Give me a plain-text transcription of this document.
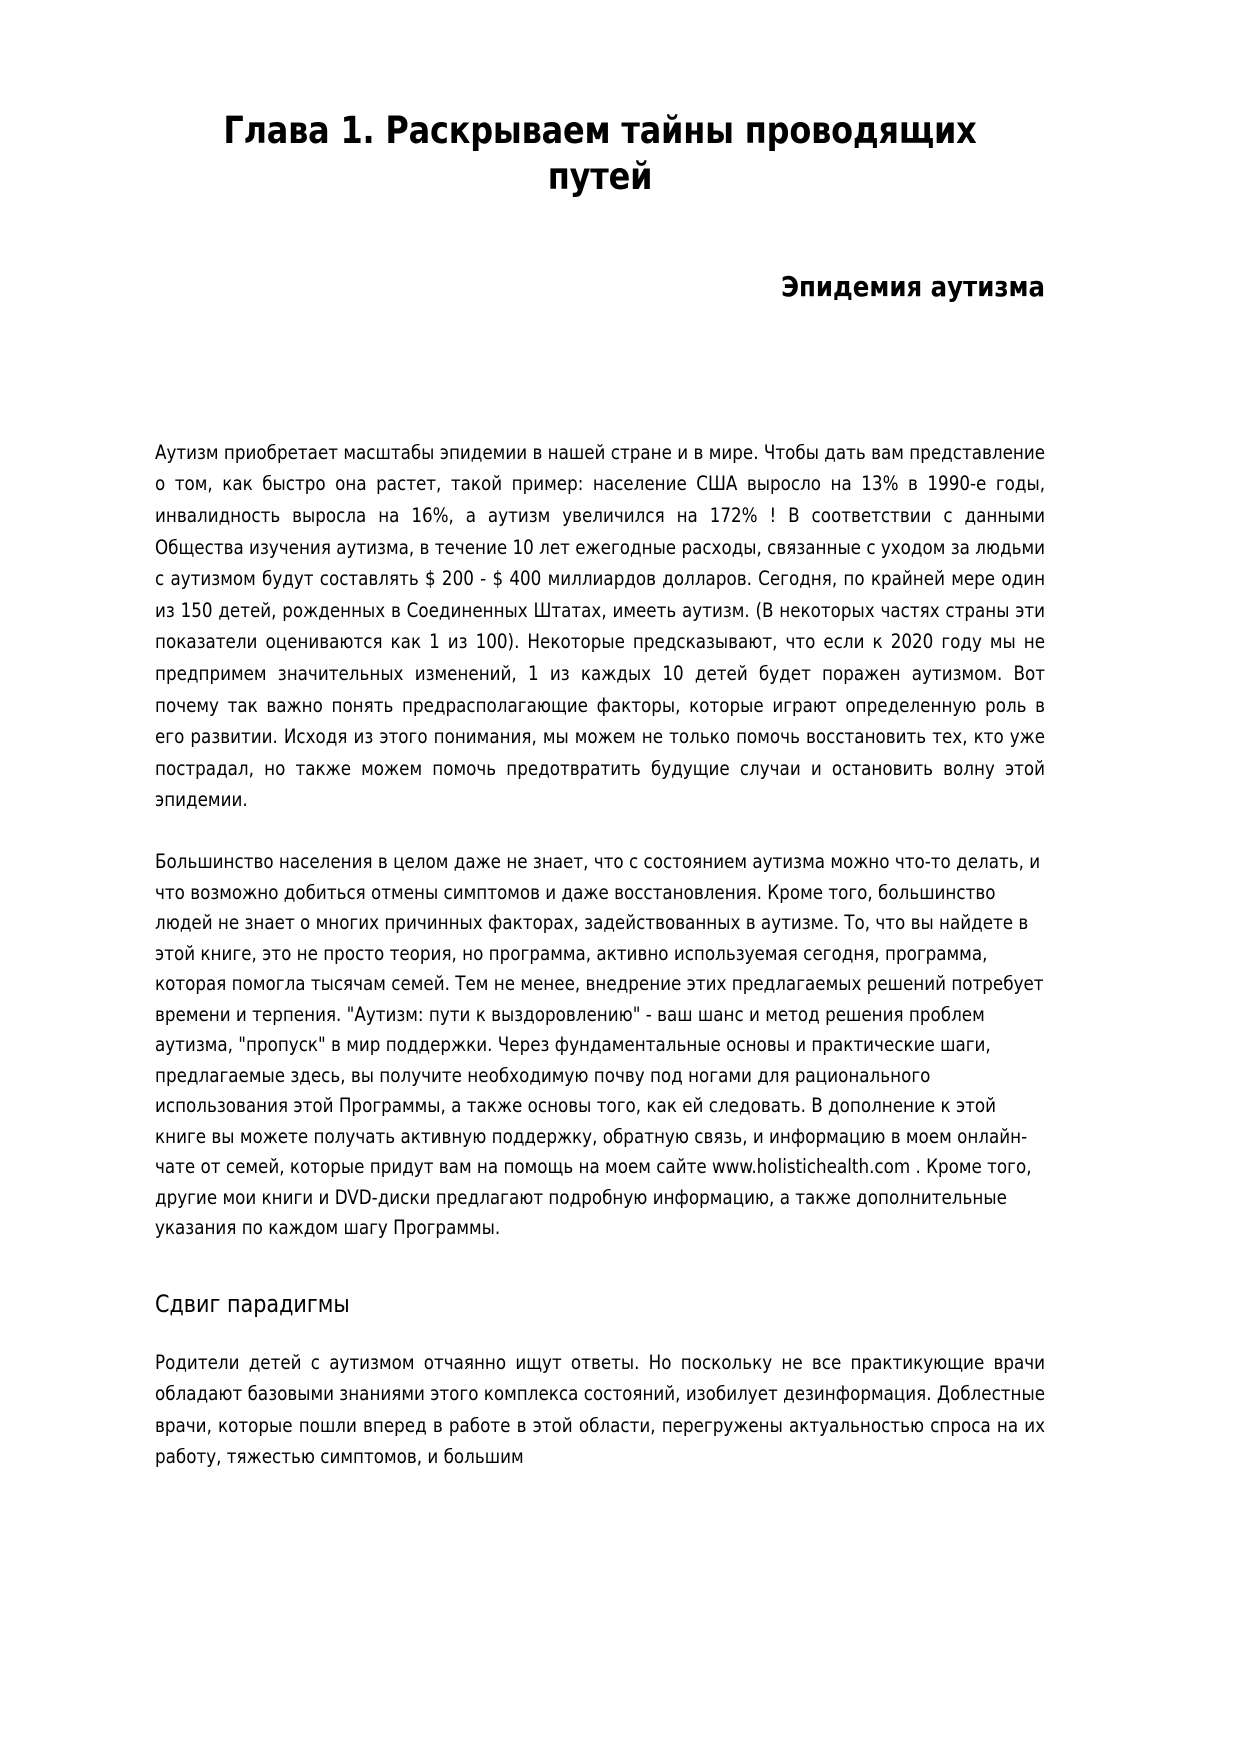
Глава 1. Раскрываем тайны проводящих путей
Эпидемия аутизма

Аутизм приобретает масштабы эпидемии в нашей стране и в мире. Чтобы дать вам представление о том, как быстро она растет, такой пример: население США выросло на 13% в 1990-е годы, инвалидность выросла на 16%, а аутизм увеличился на 172% ! В соответствии с данными Общества изучения аутизма, в течение 10 лет ежегодные расходы, связанные с уходом за людьми с аутизмом будут составлять $ 200 - $ 400 миллиардов долларов. Сегодня, по крайней мере один из 150 детей, рожденных в Соединенных Штатах, имееть аутизм. (В некоторых частях страны эти показатели оцениваются как 1 из 100). Некоторые предсказывают, что если к 2020 году мы не предпримем значительных изменений, 1 из каждых 10 детей будет поражен аутизмом. Вот почему так важно понять предрасполагающие факторы, которые играют определенную роль в его развитии. Исходя из этого понимания, мы можем не только помочь восстановить тех, кто уже пострадал, но также можем помочь предотвратить будущие случаи и остановить волну этой эпидемии.

Большинство населения в целом даже не знает, что с состоянием аутизма можно что-то делать, и что возможно добиться отмены симптомов и даже восстановления. Кроме того, большинство людей не знает о многих причинных факторах, задействованных в аутизме. То, что вы найдете в этой книге, это не просто теория, но программа, активно используемая сегодня, программа, которая помогла тысячам семей. Тем не менее, внедрение этих предлагаемых решений потребует времени и терпения. "Аутизм: пути к выздоровлению" - ваш шанс и метод решения проблем аутизма, "пропуск" в мир поддержки. Через фундаментальные основы и практические шаги, предлагаемые здесь, вы получите необходимую почву под ногами для рационального использования этой Программы, а также основы того, как ей следовать. В дополнение к этой книге вы можете получать активную поддержку, обратную связь, и информацию в моем онлайн-чате от семей, которые придут вам на помощь на моем сайте www.holistichealth.com . Кроме того, другие мои книги и DVD-диски предлагают подробную информацию, а также дополнительные указания по каждом шагу Программы.

Сдвиг парадигмы

Родители детей с аутизмом отчаянно ищут ответы. Но поскольку не все практикующие врачи обладают базовыми знаниями этого комплекса состояний, изобилует дезинформация. Доблестные врачи, которые пошли вперед в работе в этой области, перегружены актуальностью спроса на их работу, тяжестью симптомов, и большим
